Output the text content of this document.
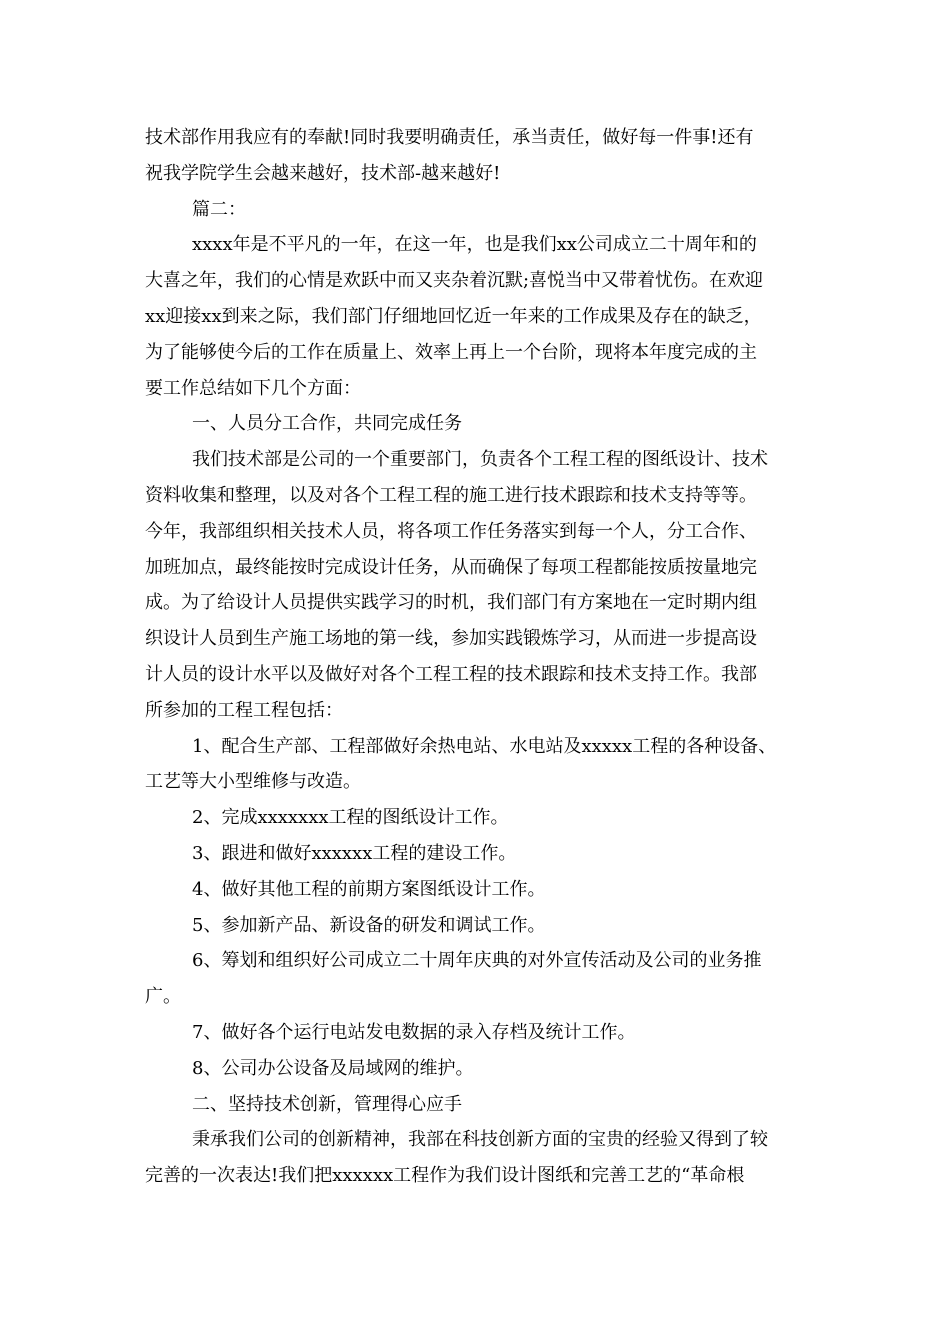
技术部作用我应有的奉献!同时我要明确责任，承当责任，做好每一件事!还有
祝我学院学生会越来越好，技术部-越来越好!
篇二：
xxxx年是不平凡的一年，在这一年，也是我们xx公司成立二十周年和的
大喜之年，我们的心情是欢跃中而又夹杂着沉默;喜悦当中又带着忧伤。在欢迎
xx迎接xx到来之际，我们部门仔细地回忆近一年来的工作成果及存在的缺乏，
为了能够使今后的工作在质量上、效率上再上一个台阶，现将本年度完成的主
要工作总结如下几个方面：
一、人员分工合作，共同完成任务
我们技术部是公司的一个重要部门，负责各个工程工程的图纸设计、技术
资料收集和整理，以及对各个工程工程的施工进行技术跟踪和技术支持等等。
今年，我部组织相关技术人员，将各项工作任务落实到每一个人，分工合作、
加班加点，最终能按时完成设计任务，从而确保了每项工程都能按质按量地完
成。为了给设计人员提供实践学习的时机，我们部门有方案地在一定时期内组
织设计人员到生产施工场地的第一线，参加实践锻炼学习，从而进一步提高设
计人员的设计水平以及做好对各个工程工程的技术跟踪和技术支持工作。我部
所参加的工程工程包括：
1、配合生产部、工程部做好余热电站、水电站及xxxxx工程的各种设备、
工艺等大小型维修与改造。
2、完成xxxxxxx工程的图纸设计工作。
3、跟进和做好xxxxxx工程的建设工作。
4、做好其他工程的前期方案图纸设计工作。
5、参加新产品、新设备的研发和调试工作。
6、筹划和组织好公司成立二十周年庆典的对外宣传活动及公司的业务推
广。
7、做好各个运行电站发电数据的录入存档及统计工作。
8、公司办公设备及局域网的维护。
二、坚持技术创新，管理得心应手
秉承我们公司的创新精神，我部在科技创新方面的宝贵的经验又得到了较
完善的一次表达!我们把xxxxxx工程作为我们设计图纸和完善工艺的“革命根
